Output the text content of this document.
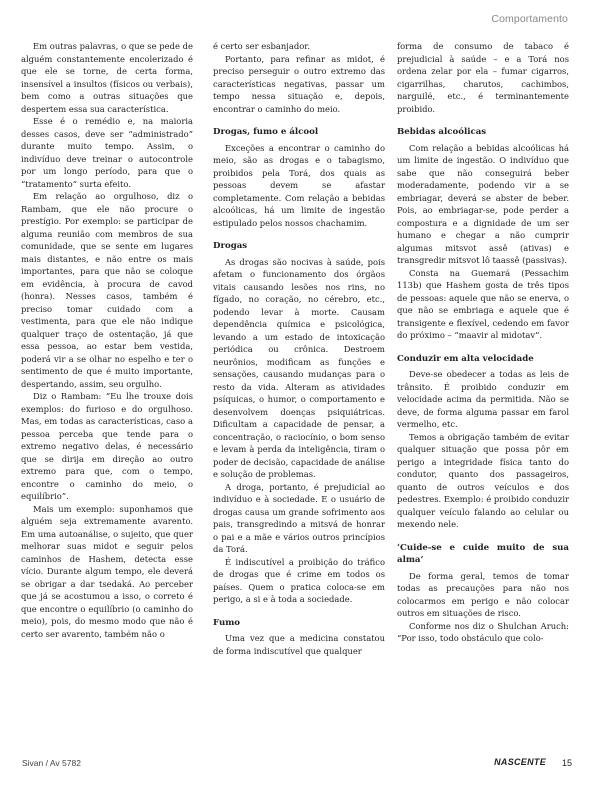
Comportamento

Em outras palavras, o que se pede de alguém constantemente encolerizado é que ele se torne, de certa forma, insensível a insultos (físicos ou verbais), bem como a outras situações que despertem essa sua característica.

Esse é o remédio e, na maioria desses casos, deve ser “administrado” durante muito tempo. Assim, o indivíduo deve treinar o autocontrole por um longo período, para que o “tratamento” surta efeito.

Em relação ao orgulhoso, diz o Rambam, que ele não procure o prestígio. Por exemplo: se participar de alguma reunião com membros de sua comunidade, que se sente em lugares mais distantes, e não entre os mais importantes, para que não se coloque em evidência, à procura de cavod (honra). Nesses casos, também é preciso tomar cuidado com a vestimenta, para que ele não indique qualquer traço de ostentação, já que essa pessoa, ao estar bem vestida, poderá vir a se olhar no espelho e ter o sentimento de que é muito importante, despertando, assim, seu orgulho.

Diz o Rambam: “Eu lhe trouxe dois exemplos: do furioso e do orgulhoso. Mas, em todas as características, caso a pessoa perceba que tende para o extremo negativo delas, é necessário que se dirija em direção ao outro extremo para que, com o tempo, encontre o caminho do meio, o equilíbrio”.

Mais um exemplo: suponhamos que alguém seja extremamente avarento. Em uma autoanálise, o sujeito, que quer melhorar suas midot e seguir pelos caminhos de Hashem, detecta esse vício. Durante algum tempo, ele deverá se obrigar a dar tsedaká. Ao perceber que já se acostumou a isso, o correto é que encontre o equilíbrio (o caminho do meio), pois, do mesmo modo que não é certo ser avarento, também não o

é certo ser esbanjador.

Portanto, para refinar as midot, é preciso perseguir o outro extremo das características negativas, passar um tempo nessa situação e, depois, encontrar o caminho do meio.

Drogas, fumo e álcool

Exceções a encontrar o caminho do meio, são as drogas e o tabagismo, proibidos pela Torá, dos quais as pessoas devem se afastar completamente. Com relação a bebidas alcoólicas, há um limite de ingestão estipulado pelos nossos chachamim.

Drogas

As drogas são nocivas à saúde, pois afetam o funcionamento dos órgãos vitais causando lesões nos rins, no fígado, no coração, no cérebro, etc., podendo levar à morte. Causam dependência química e psicológica, levando a um estado de intoxicação periódica ou crônica. Destroem neurônios, modificam as funções e sensações, causando mudanças para o resto da vida. Alteram as atividades psíquicas, o humor, o comportamento e desenvolvem doenças psiquiátricas. Dificultam a capacidade de pensar, a concentração, o raciocínio, o bom senso e levam à perda da inteligência, tiram o poder de decisão, capacidade de análise e solução de problemas.

A droga, portanto, é prejudicial ao indivíduo e à sociedade. E o usuário de drogas causa um grande sofrimento aos pais, transgredindo a mitsvá de honrar o pai e a mãe e vários outros princípios da Torá.

É indiscutível a proibição do tráfico de drogas que é crime em todos os países. Quem o pratica coloca-se em perigo, a si e à toda a sociedade.

Fumo

Uma vez que a medicina constatou de forma indiscutível que qualquer

forma de consumo de tabaco é prejudicial à saúde – e a Torá nos ordena zelar por ela – fumar cigarros, cigarrilhas, charutos, cachimbos, narguilé, etc., é terminantemente proibido.

Bebidas alcoólicas

Com relação a bebidas alcoólicas há um limite de ingestão. O indivíduo que sabe que não conseguirá beber moderadamente, podendo vir a se embriagar, deverá se abster de beber. Pois, ao embriagar-se, pode perder a compostura e a dignidade de um ser humano e chegar a não cumprir algumas mitsvot assê (ativas) e transgredir mitsvot lô taassê (passivas).

Consta na Guemará (Pessachim 113b) que Hashem gosta de três tipos de pessoas: aquele que não se enerva, o que não se embriaga e aquele que é transigente e flexível, cedendo em favor do próximo – “maavir al midotav”.

Conduzir em alta velocidade

Deve-se obedecer a todas as leis de trânsito. É proibido conduzir em velocidade acima da permitida. Não se deve, de forma alguma passar em farol vermelho, etc.

Temos a obrigação também de evitar qualquer situação que possa pôr em perigo a integridade física tanto do condutor, quanto dos passageiros, quanto de outros veículos e dos pedestres. Exemplo: é proibido conduzir qualquer veículo falando ao celular ou mexendo nele.

‘Cuide-se e cuide muito de sua alma’

De forma geral, temos de tomar todas as precauções para não nos colocarmos em perigo e não colocar outros em situações de risco.

Conforme nos diz o Shulchan Aruch: “Por isso, todo obstáculo que colo-

Sivan / Av 5782	NASCENTE 15
